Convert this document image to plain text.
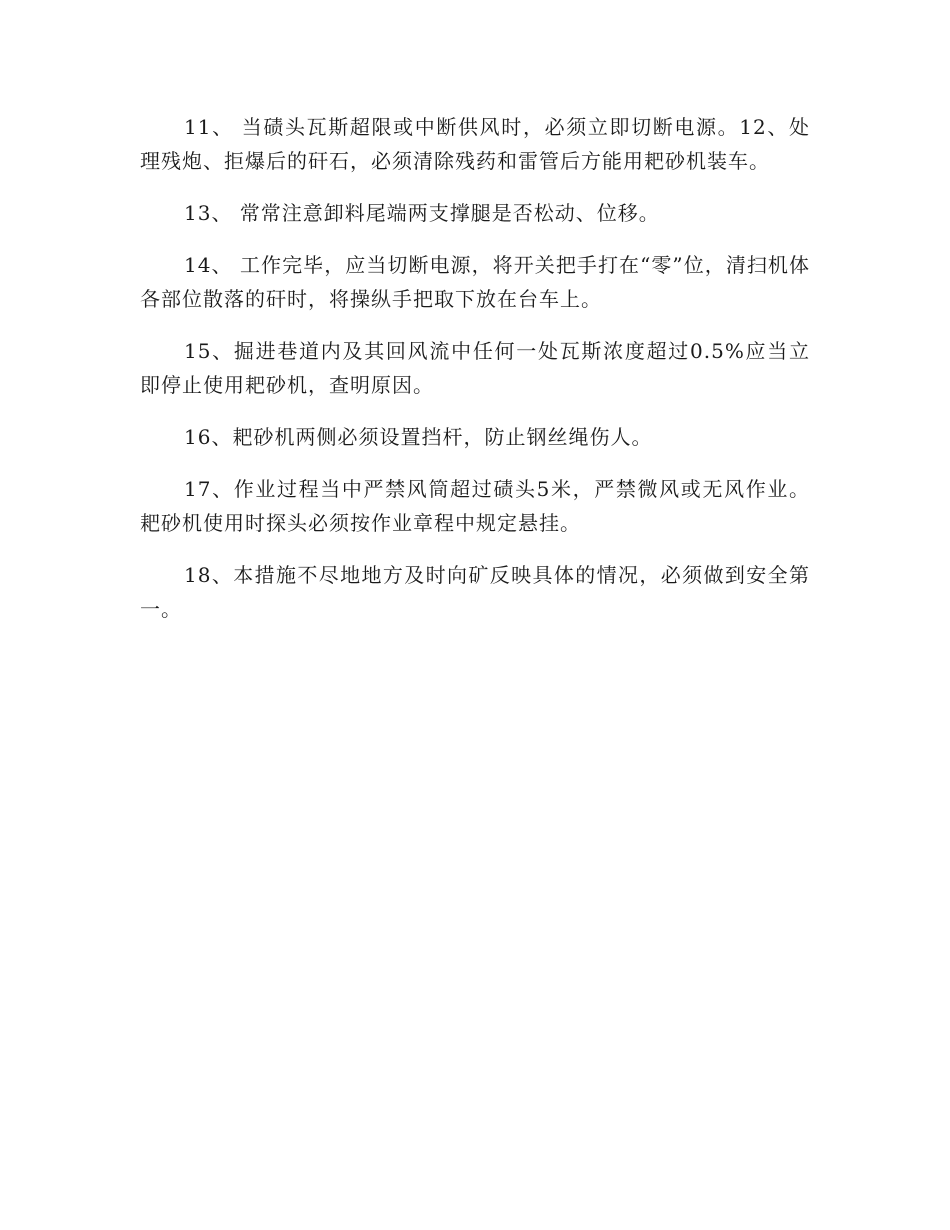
11、 当碛头瓦斯超限或中断供风时，必须立即切断电源。12、处理残炮、拒爆后的矸石，必须清除残药和雷管后方能用耙砂机装车。

13、 常常注意卸料尾端两支撑腿是否松动、位移。

14、 工作完毕，应当切断电源，将开关把手打在“零”位，清扫机体各部位散落的矸时，将操纵手把取下放在台车上。

15、掘进巷道内及其回风流中任何一处瓦斯浓度超过0.5%应当立即停止使用耙砂机，查明原因。

16、耙砂机两侧必须设置挡杆，防止钢丝绳伤人。

17、作业过程当中严禁风筒超过碛头5米，严禁微风或无风作业。耙砂机使用时探头必须按作业章程中规定悬挂。

18、本措施不尽地地方及时向矿反映具体的情况，必须做到安全第一。
